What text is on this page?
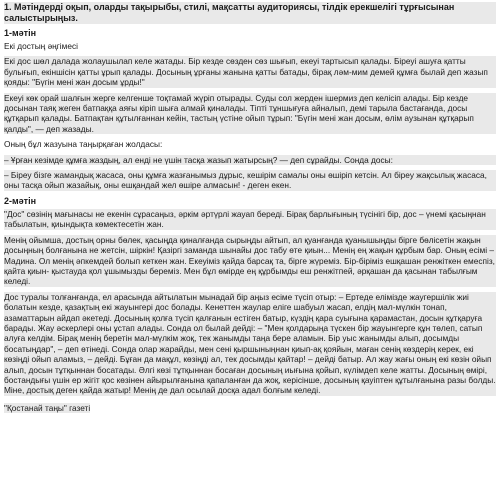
1. Мәтіндерді оқып, оларды тақырыбы, стилі, мақсатты аудиториясы, тілдік ерекшелігі тұрғысынан салыстырыңыз.
1-мәтін
Екі достың әңгімесі
Екі дос шөл далада жолаушылап келе жатады. Бір кезде сөзден сөз шығып, екеуі тартысып қалады. Біреуі ашуға қатты булығып, екіншісін қатты ұрып қалады. Досының ұрғаны жанына қатты батады, бірақ ләм-мим демей құмға былай деп жазып қояды: "Бүгін мені жан досым ұрды!"
Екеуі көк орай шалғын жерге келгенше тоқтамай жүріп отырады. Суды сол жерден ішермиз деп келісіп алады. Бір кезде досынан таяқ жеген батпаққа аяғы кіріп шыға алмай қиналады. Тіпті тұншығуға айналып, демі тарыла бастағанда, досы құтқарып қалады. Батпақтан құтылғаннан кейін, тастың үстіне ойып тұрып: "Бүгін мені жан досым, өлім аузынан құтқарып қалды", — деп жазады.
Оның бұл жазуына таңырқаған жолдасы:
– Ұрған кезімде құмға жаздың, ал енді не үшін тасқа жазып жатырсың? — деп сұрайды. Сонда досы:
– Біреу бізге жамандық жасаса, оны құмға жазғанымыз дұрыс, кешірім самалы оны өшіріп кетсін. Ал біреу жақсылық жасаса, оны тасқа ойып жазайық, оны ешқандай жел өшіре алмасын! - деген екен.
2-мәтін
"Дос" сөзінің мағынасы не екенін сұрасаңыз, әркім әртүрлі жауап береді. Бірақ барлығының түсінігі бір, дос – үнемі қасыңнан табылатын, қиындықта көмектесетін жан.
Менің ойымша, достың орны бөлек, қасыңда қиналғанда сырыңды айтып, ал қуанғанда қуанышыңды бірге бөлісетін жақын досыңның болғанына не жетсін, шіркін! Қазіргі заманда шынайы дос табу өте қиын... Менің ең жақын құрбым бар. Оның есімі – Мадина. Ол менің әпкемдей болып кеткен жан. Екеуіміз қайда барсақ та, бірге жүреміз. Бір-біріміз ешқашан ренжіткен емеспіз, қайта қиын- қыстауда қол ұшымызды береміз. Мен бұл өмірде ең құрбымды еш ренжітпей, әрқашан да қасынан табылғым келеді.
Дос туралы толғанғанда, ел арасында айтылатын мынадай бір аңыз есіме түсіп отыр: – Ертеде елімізде жаугершілік жиі болатын кезде, қазақтың екі жауынгері дос болады. Кенеттен жаулар еліге шабуыл жасап, елдің мал-мүлкін тонап, азаматтарын айдап әкетеді. Досының қолға түсіп қалғанын естіген батыр, күздің қара суығына қарамастан, досын құтқаруға барады. Жау әскерлері оны ұстап алады. Сонда ол былай дейді: – "Мен қолдарыңа түскен бір жауынгерге құн төлеп, сатып алуға келдім. Бірақ менің беретін мал-мүлкім жоқ, тек жанымды таңа бере аламын. Бір уыс жанымды алып, досымды босатыңдар", – деп өтінеді. Сонда олар жарайды, мен сені қыршыныңнан қиып-ақ қояйын, маған сенің көздерің керек, екі көзіңді ойып аламыз, – дейді. Бұған да мақұл, көзіңді ал, тек досымды қайтар! – дейді батыр. Ал жау жағы оның екі көзін ойып алып, досын тұтқыннан босатады. Әлгі көзі тұтқыннан босаған досының иығына қойып, күлімдеп келе жатты. Досының өмірі, бостандығы үшін ер жігіт қос көзінен айырылғанына қапаланған да жоқ, керісінше, досының қауіптен құтылғанына разы болды. Міне, достық деген қайда жатыр! Менің де дал осылай досқа адал болғым келеді.
"Қостанай таңы" газеті
